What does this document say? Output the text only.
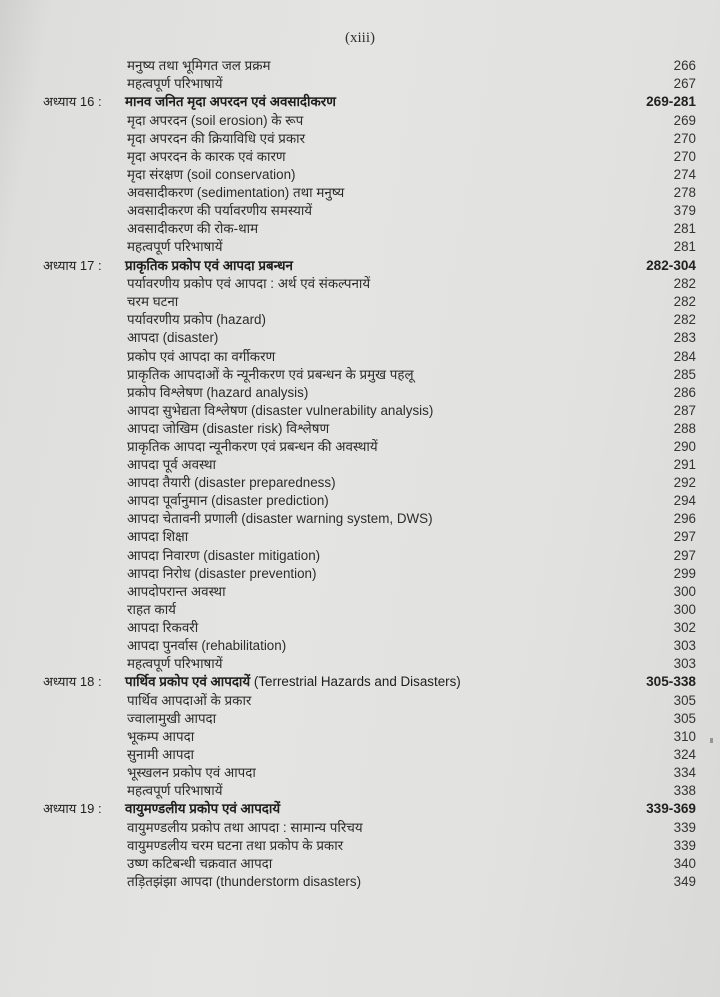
(xiii)
मनुष्य तथा भूमिगत जल प्रक्रम	266
महत्वपूर्ण परिभाषायें	267
अध्याय 16 : मानव जनित मृदा अपरदन एवं अवसादीकरण	269-281
मृदा अपरदन (soil erosion) के रूप	269
मृदा अपरदन की क्रियाविधि एवं प्रकार	270
मृदा अपरदन के कारक एवं कारण	270
मृदा संरक्षण (soil conservation)	274
अवसादीकरण (sedimentation) तथा मनुष्य	278
अवसादीकरण की पर्यावरणीय समस्यायें	379
अवसादीकरण की रोक-थाम	281
महत्वपूर्ण परिभाषायें	281
अध्याय 17 : प्राकृतिक प्रकोप एवं आपदा प्रबन्धन	282-304
पर्यावरणीय प्रकोप एवं आपदा : अर्थ एवं संकल्पनायें	282
चरम घटना	282
पर्यावरणीय प्रकोप (hazard)	282
आपदा (disaster)	283
प्रकोप एवं आपदा का वर्गीकरण	284
प्राकृतिक आपदाओं के न्यूनीकरण एवं प्रबन्धन के प्रमुख पहलू	285
प्रकोप विश्लेषण (hazard analysis)	286
आपदा सुभेद्यता विश्लेषण (disaster vulnerability analysis)	287
आपदा जोखिम (disaster risk) विश्लेषण	288
प्राकृतिक आपदा न्यूनीकरण एवं प्रबन्धन की अवस्थायें	290
आपदा पूर्व अवस्था	291
आपदा तैयारी (disaster preparedness)	292
आपदा पूर्वानुमान (disaster prediction)	294
आपदा चेतावनी प्रणाली (disaster warning system, DWS)	296
आपदा शिक्षा	297
आपदा निवारण (disaster mitigation)	297
आपदा निरोध (disaster prevention)	299
आपदोपरान्त अवस्था	300
राहत कार्य	300
आपदा रिकवरी	302
आपदा पुनर्वास (rehabilitation)	303
महत्वपूर्ण परिभाषायें	303
अध्याय 18 : पार्थिव प्रकोप एवं आपदायें (Terrestrial Hazards and Disasters)	305-338
पार्थिव आपदाओं के प्रकार	305
ज्वालामुखी आपदा	305
भूकम्प आपदा	310
सुनामी आपदा	324
भूस्खलन प्रकोप एवं आपदा	334
महत्वपूर्ण परिभाषायें	338
अध्याय 19 : वायुमण्डलीय प्रकोप एवं आपदायें	339-369
वायुमण्डलीय प्रकोप तथा आपदा : सामान्य परिचय	339
वायुमण्डलीय चरम घटना तथा प्रकोप के प्रकार	339
उष्ण कटिबन्धी चक्रवात आपदा	340
तड़ितझंझा आपदा (thunderstorm disasters)	349
